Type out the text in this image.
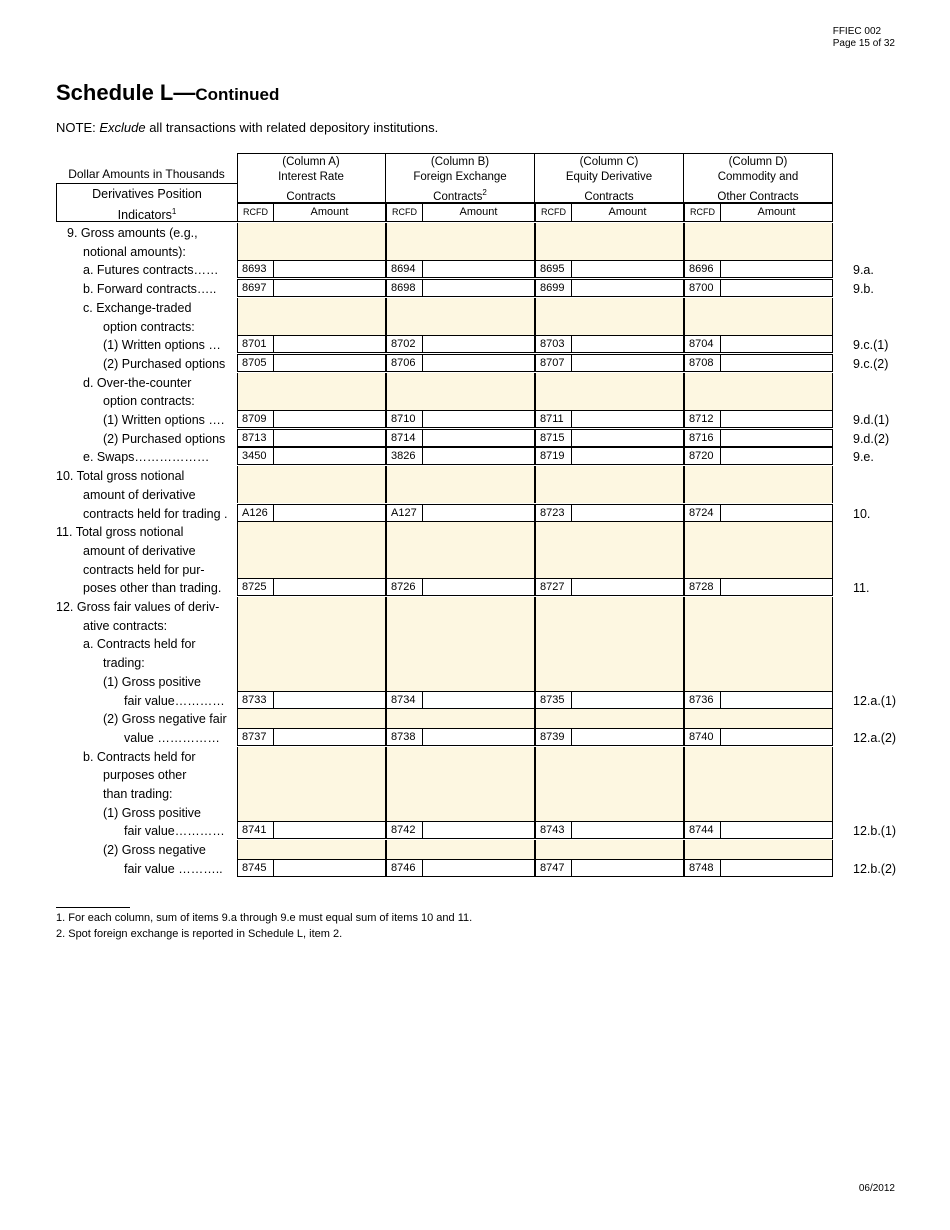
FFIEC 002
Page 15 of 32
Schedule L—Continued
NOTE: Exclude all transactions with related depository institutions.
Dollar Amounts in Thousands
Derivatives Position
Indicators$^1$
(Column A)
Interest Rate
Contracts
RCFD	Amount
(Column B)
Foreign Exchange
Contracts$^2$
RCFD	Amount
(Column C)
Equity Derivative
Contracts
RCFD	Amount
(Column D)
Commodity and
Other Contracts
RCFD	Amount
9. Gross amounts (e.g.,
notional amounts):
a. Futures contracts……	8693	8694	8695	8696	9.a.
b. Forward contracts…..	8697	8698	8699	8700	9.b.
c. Exchange-traded
option contracts:
(1) Written options …	8701	8702	8703	8704	9.c.(1)
(2) Purchased options	8705	8706	8707	8708	9.c.(2)
d. Over-the-counter
option contracts:
(1) Written options ….	8709	8710	8711	8712	9.d.(1)
(2) Purchased options	8713	8714	8715	8716	9.d.(2)
e. Swaps………………	3450	3826	8719	8720	9.e.
10. Total gross notional
amount of derivative
contracts held for trading .	A126	A127	8723	8724	10.
11. Total gross notional
amount of derivative
contracts held for pur-
poses other than trading.	8725	8726	8727	8728	11.
12. Gross fair values of deriv-
ative contracts:
a. Contracts held for
trading:
(1) Gross positive
fair value…………	8733	8734	8735	8736	12.a.(1)
(2) Gross negative fair
value ……………	8737	8738	8739	8740	12.a.(2)
b. Contracts held for
purposes other
than trading:
(1) Gross positive
fair value…………	8741	8742	8743	8744	12.b.(1)
(2) Gross negative
fair value ………..	8745	8746	8747	8748	12.b.(2)
1. For each column, sum of items 9.a through 9.e must equal sum of items 10 and 11.
2. Spot foreign exchange is reported in Schedule L, item 2.
06/2012
